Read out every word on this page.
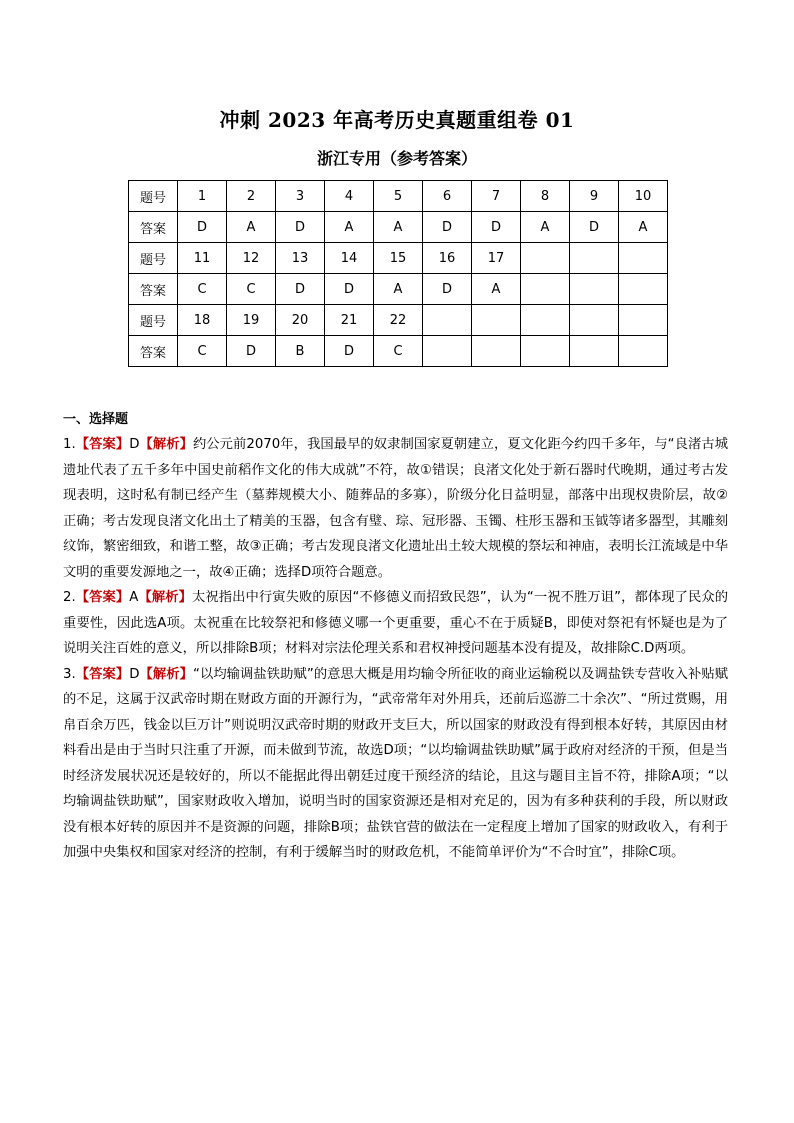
冲刺 2023 年高考历史真题重组卷 01
浙江专用（参考答案）
题号	1	2	3	4	5	6	7	8	9	10
答案	D	A	D	A	A	D	D	A	D	A
题号	11	12	13	14	15	16	17			
答案	C	C	D	D	A	D	A			
题号	18	19	20	21	22					
答案	C	D	B	D	C					
一、选择题

1.【答案】D【解析】约公元前2070年，我国最早的奴隶制国家夏朝建立，夏文化距今约四千多年，与“良渚古城遗址代表了五千多年中国史前稻作文化的伟大成就”不符，故①错误；良渚文化处于新石器时代晚期，通过考古发现表明，这时私有制已经产生（墓葬规模大小、随葬品的多寡），阶级分化日益明显，部落中出现权贵阶层，故②正确；考古发现良渚文化出土了精美的玉器，包含有璧、琮、冠形器、玉镯、柱形玉器和玉钺等诸多器型，其雕刻纹饰，繁密细致，和谐工整，故③正确；考古发现良渚文化遗址出土较大规模的祭坛和神庙，表明长江流域是中华文明的重要发源地之一，故④正确；选择D项符合题意。

2.【答案】A【解析】太祝指出中行寅失败的原因“不修德义而招致民怨”，认为“一祝不胜万诅”，都体现了民众的重要性，因此选A项。太祝重在比较祭祀和修德义哪一个更重要，重心不在于质疑B，即使对祭祀有怀疑也是为了说明关注百姓的意义，所以排除B项；材料对宗法伦理关系和君权神授问题基本没有提及，故排除C.D两项。

3.【答案】D【解析】“以均输调盐铁助赋”的意思大概是用均输令所征收的商业运输税以及调盐铁专营收入补贴赋的不足，这属于汉武帝时期在财政方面的开源行为，“武帝常年对外用兵，还前后巡游二十余次”、“所过赏赐，用帛百余万匹，钱金以巨万计”则说明汉武帝时期的财政开支巨大，所以国家的财政没有得到根本好转，其原因由材料看出是由于当时只注重了开源，而未做到节流，故选D项；“以均输调盐铁助赋”属于政府对经济的干预，但是当时经济发展状况还是较好的，所以不能据此得出朝廷过度干预经济的结论，且这与题目主旨不符，排除A项；“以均输调盐铁助赋”，国家财政收入增加，说明当时的国家资源还是相对充足的，因为有多种获利的手段，所以财政没有根本好转的原因并不是资源的问题，排除B项；盐铁官营的做法在一定程度上增加了国家的财政收入，有利于加强中央集权和国家对经济的控制，有利于缓解当时的财政危机，不能简单评价为“不合时宜”，排除C项。
